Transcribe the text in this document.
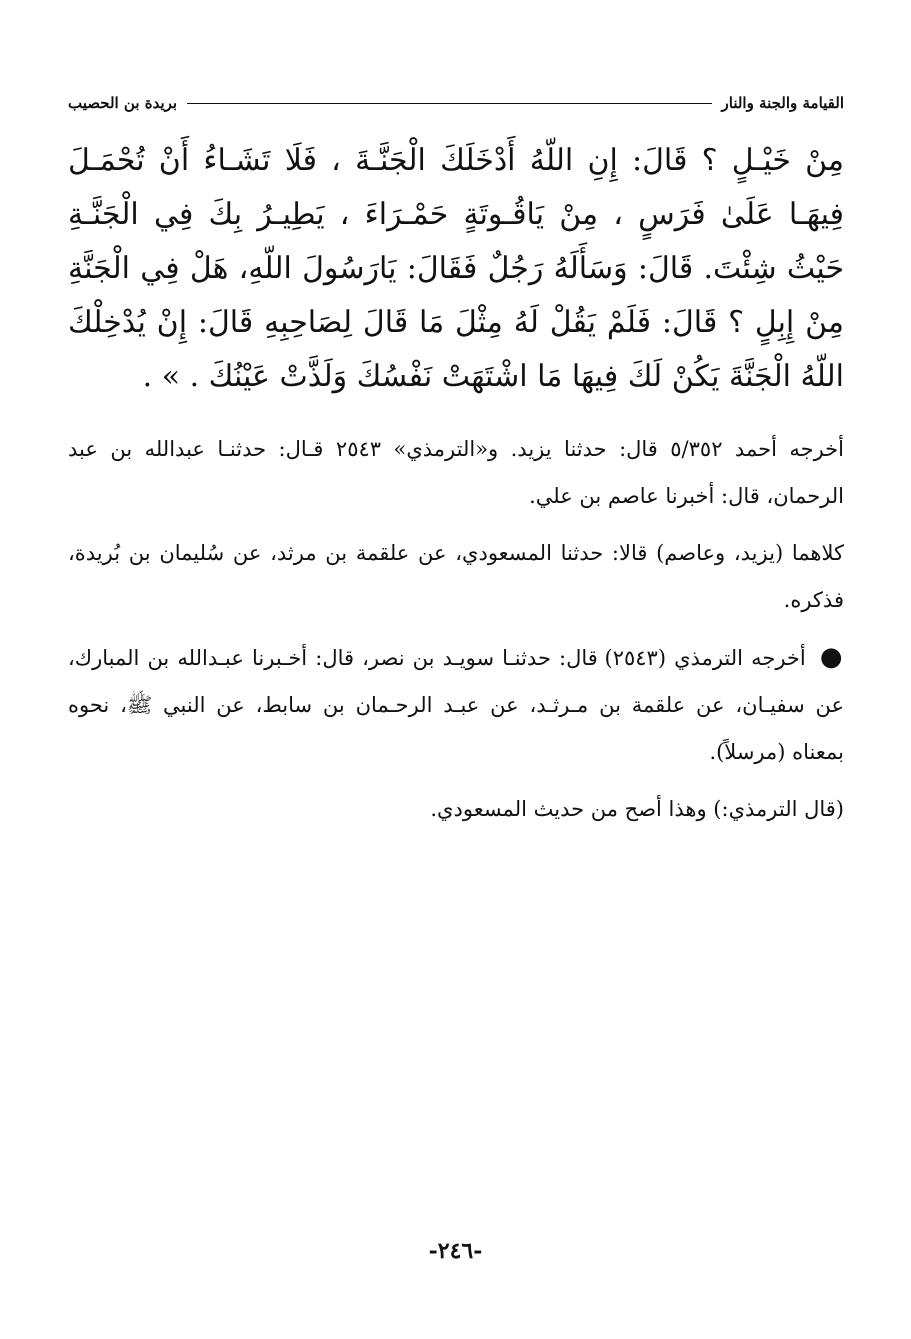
القيامة والجنة والنار
بريدة بن الحصيب

مِنْ خَيْـلٍ ؟ قَالَ: إِنِ اللّهُ أَدْخَلَكَ الْجَنَّـةَ ، فَلَا تَشَـاءُ أَنْ تُحْمَـلَ فِيهَـا عَلَىٰ فَرَسٍ ، مِنْ يَاقُـوتَةٍ حَمْـرَاءَ ، يَطِيـرُ بِكَ فِي الْجَنَّـةِ حَيْثُ شِئْتَ. قَالَ: وَسَأَلَهُ رَجُلٌ فَقَالَ: يَارَسُولَ اللّهِ، هَلْ فِي الْجَنَّةِ مِنْ إِبِلٍ ؟ قَالَ: فَلَمْ يَقُلْ لَهُ مِثْلَ مَا قَالَ لِصَاحِبِهِ قَالَ: إِنْ يُدْخِلْكَ اللّهُ الْجَنَّةَ يَكُنْ لَكَ فِيهَا مَا اشْتَهَتْ نَفْسُكَ وَلَذَّتْ عَيْنُكَ . » .

أخرجه أحمد ٥/٣٥٢ قال: حدثنا يزيد. و«الترمذي» ٢٥٤٣ قـال: حدثنـا عبدالله بن عبد الرحمان، قال: أخبرنا عاصم بن علي.

كلاهما (يزيد، وعاصم) قالا: حدثنا المسعودي، عن علقمة بن مرثد، عن سُليمان بن بُريدة، فذكره.

● أخرجه الترمذي (٢٥٤٣) قال: حدثنـا سويـد بن نصر، قال: أخـبرنا عبـدالله بن المبارك، عن سفيـان، عن علقمة بن مـرثـد، عن عبـد الرحـمان بن سابط، عن النبي ﷺ، نحوه بمعناه (مرسلاً).

(قال الترمذي:) وهذا أصح من حديث المسعودي.

-٢٤٦-
